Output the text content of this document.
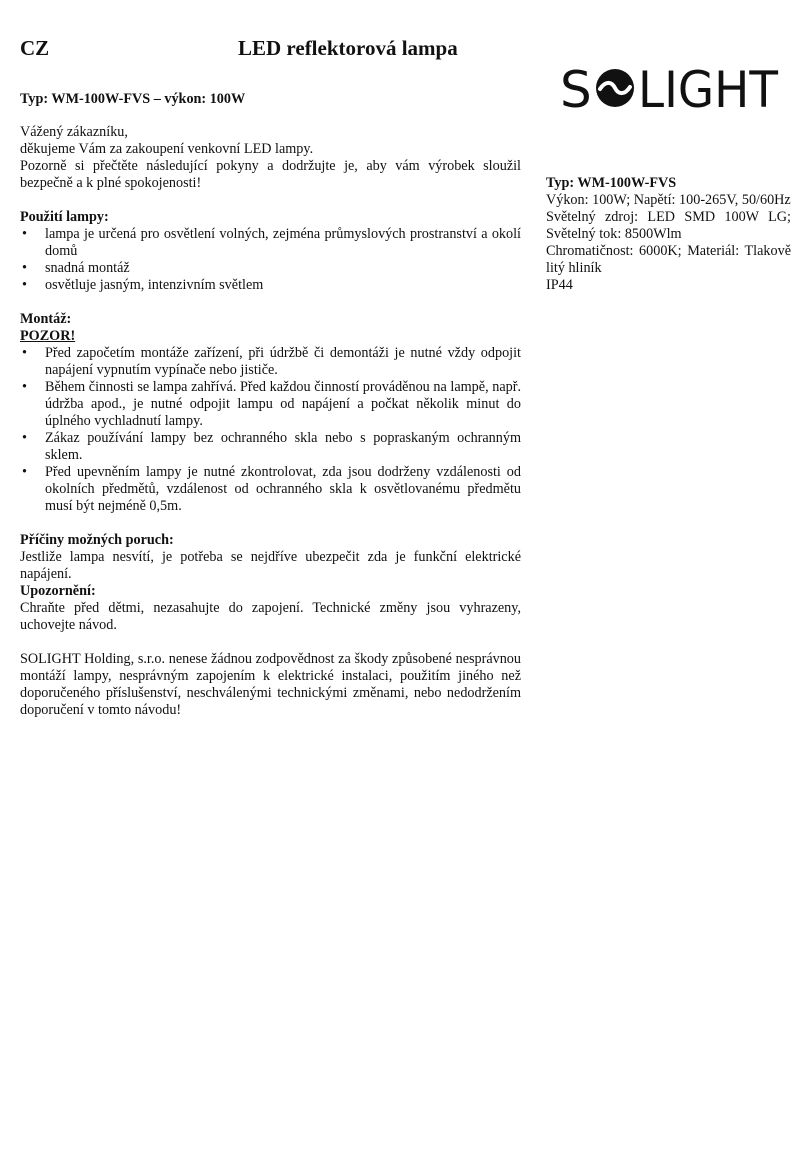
CZ	LED reflektorová lampa
S LIGHT

Typ: WM-100W-FVS – výkon: 100W

Vážený zákazníku,

děkujeme Vám za zakoupení venkovní LED lampy.

Pozorně si přečtěte následující pokyny a dodržujte je, aby vám výrobek sloužil bezpečně a k plné spokojenosti!

Použití lampy:

• lampa je určená pro osvětlení volných, zejména průmyslových prostranství a okolí domů
• snadná montáž
• osvětluje jasným, intenzivním světlem

Montáž:

POZOR!

• Před započetím montáže zařízení, při údržbě či demontáži je nutné vždy odpojit napájení vypnutím vypínače nebo jističe.
• Během činnosti se lampa zahřívá. Před každou činností prováděnou na lampě, např. údržba apod., je nutné odpojit lampu od napájení a počkat několik minut do úplného vychladnutí lampy.
• Zákaz používání lampy bez ochranného skla nebo s popraskaným ochranným sklem.
• Před upevněním lampy je nutné zkontrolovat, zda jsou dodrženy vzdálenosti od okolních předmětů, vzdálenost od ochranného skla k osvětlovanému předmětu musí být nejméně 0,5m.

Příčiny možných poruch:

Jestliže lampa nesvítí, je potřeba se nejdříve ubezpečit zda je funkční elektrické napájení.

Upozornění:

Chraňte před dětmi, nezasahujte do zapojení. Technické změny jsou vyhrazeny, uchovejte návod.

SOLIGHT Holding, s.r.o. nenese žádnou zodpovědnost za škody způsobené nesprávnou montáží lampy, nesprávným zapojením k elektrické instalaci, použitím jiného než doporučeného příslušenství, neschválenými technickými změnami, nebo nedodržením doporučení v tomto návodu!

Typ: WM-100W-FVS

Výkon: 100W; Napětí: 100-265V, 50/60Hz

Světelný zdroj: LED SMD 100W LG;

Světelný tok: 8500Wlm

Chromatičnost: 6000K; Materiál: Tlakově litý hliník

IP44
